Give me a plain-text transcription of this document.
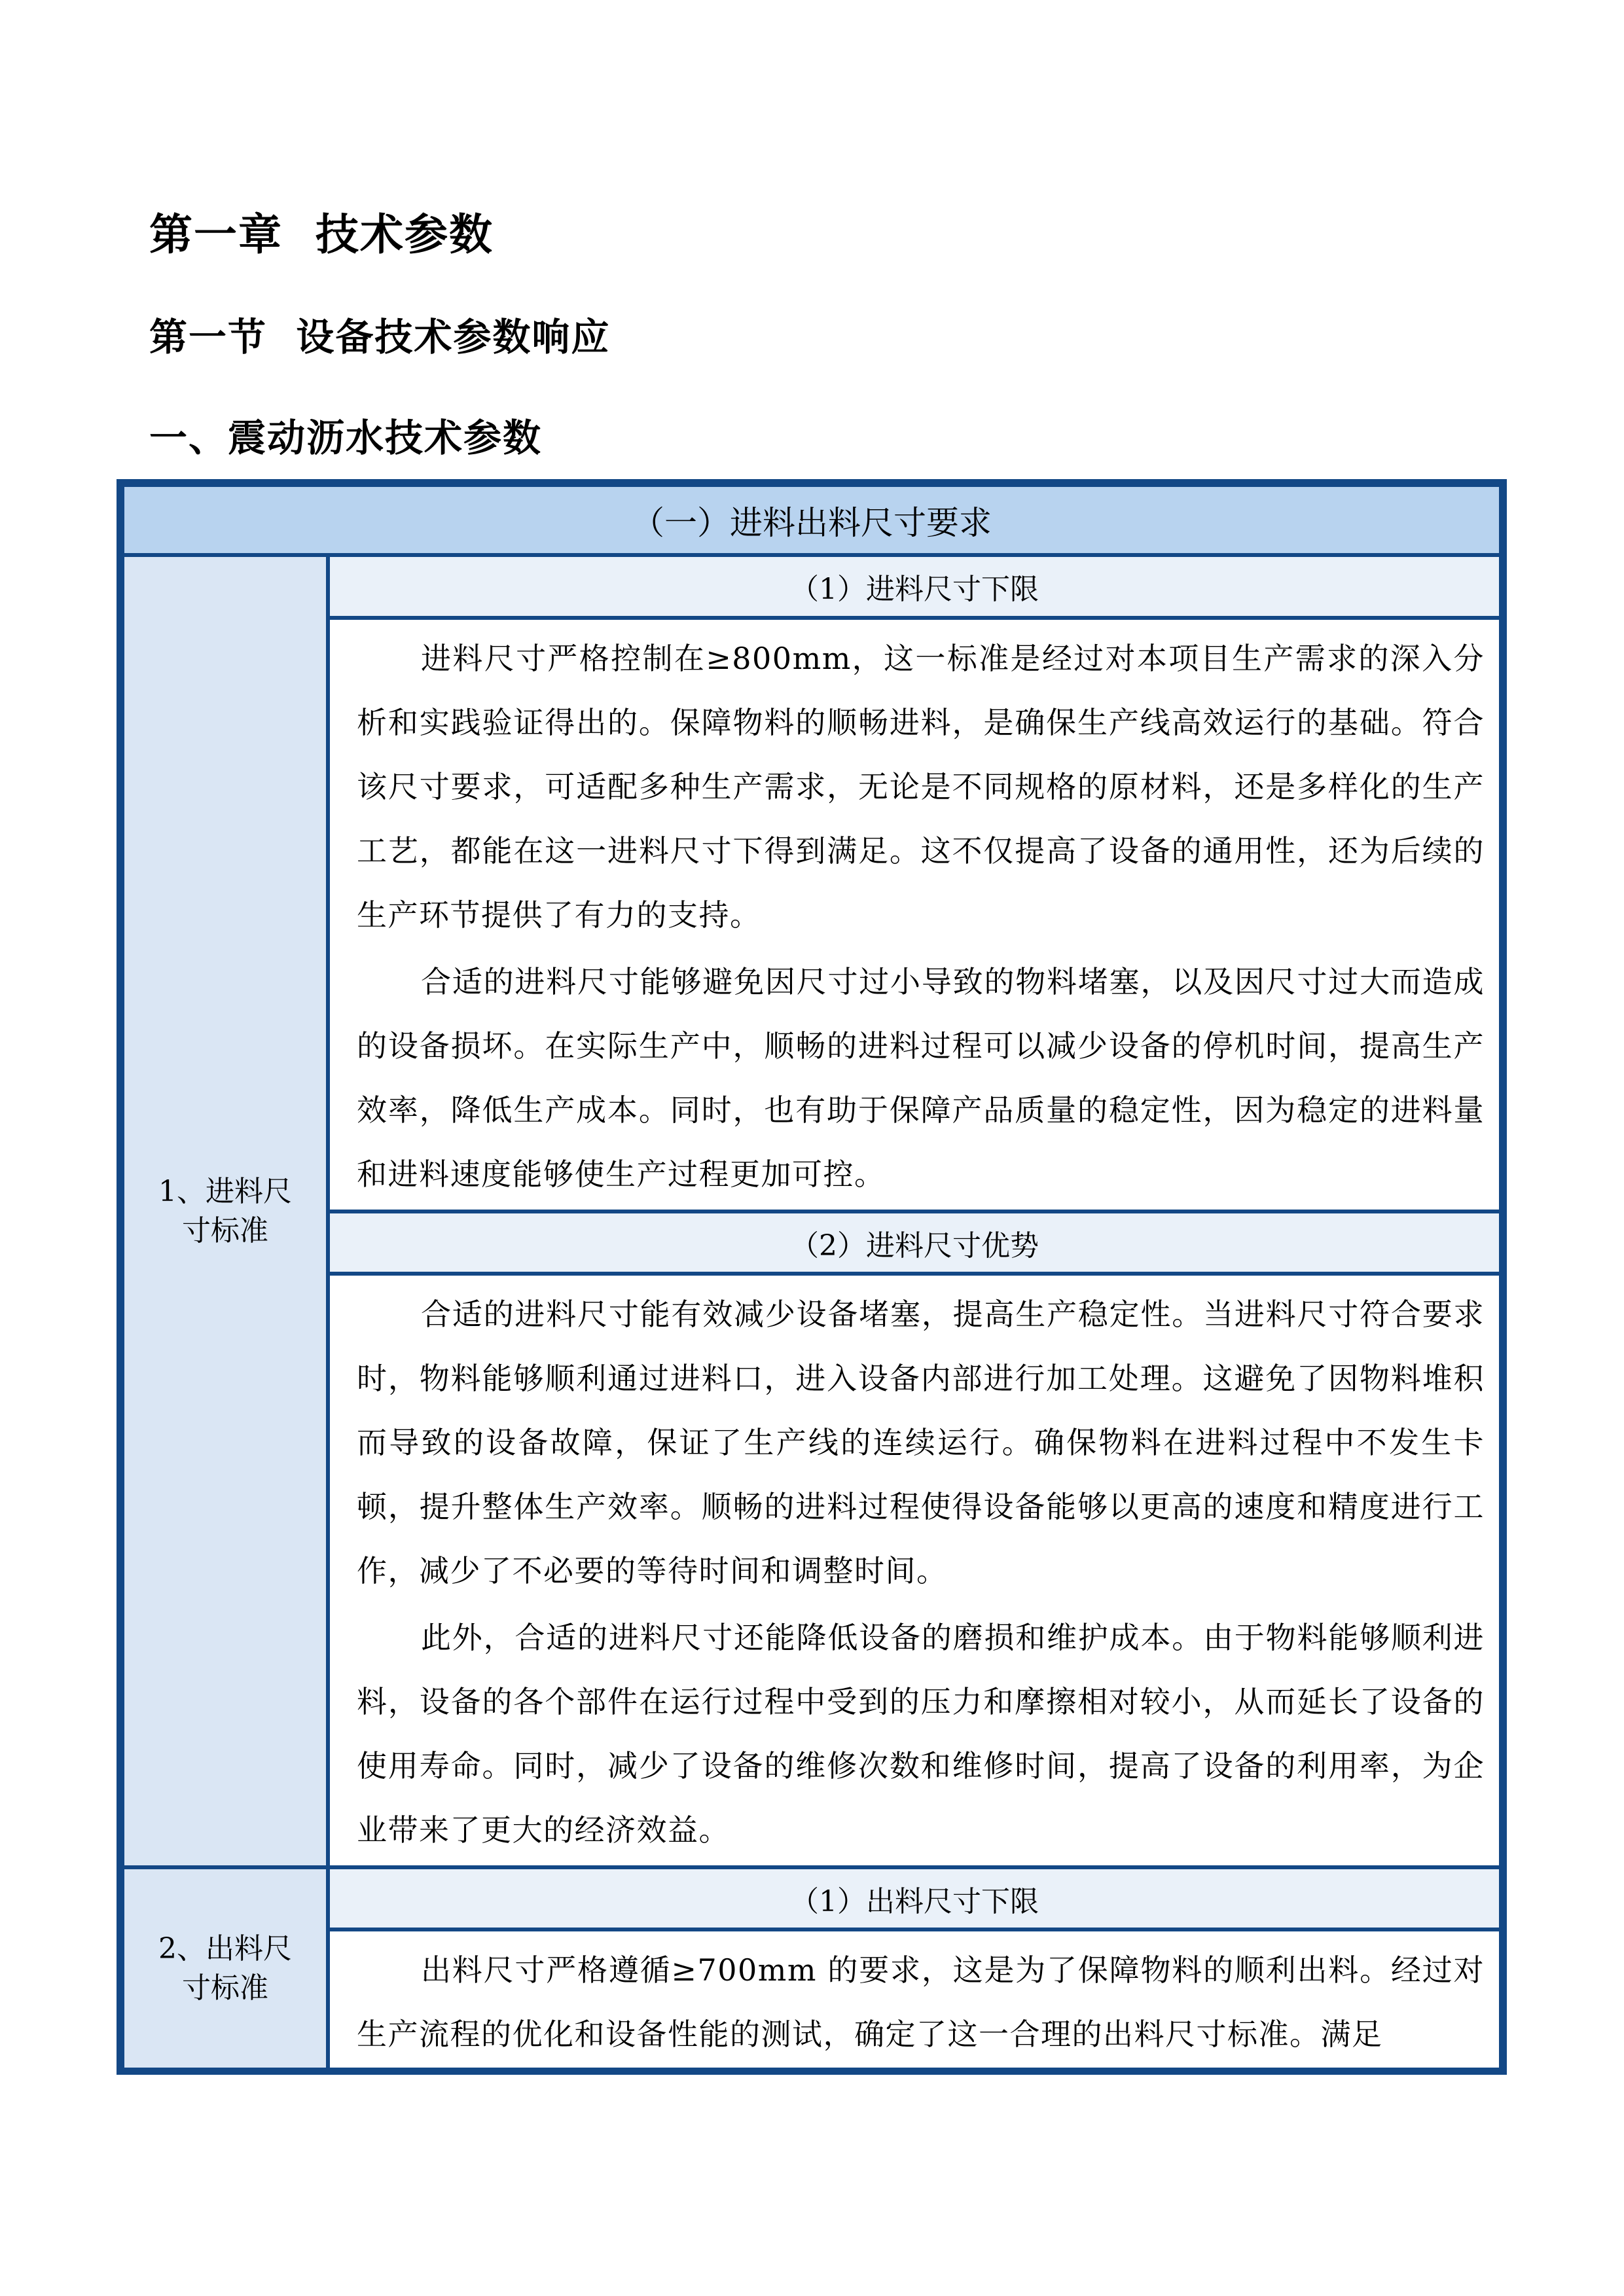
第一章  技术参数
第一节  设备技术参数响应
一、震动沥水技术参数
（一）进料出料尺寸要求
1、进料尺
寸标准
（1）进料尺寸下限

进料尺寸严格控制在≥800mm，这一标准是经过对本项目生产需求的深入分析和实践验证得出的。保障物料的顺畅进料，是确保生产线高效运行的基础。符合该尺寸要求，可适配多种生产需求，无论是不同规格的原材料，还是多样化的生产工艺，都能在这一进料尺寸下得到满足。这不仅提高了设备的通用性，还为后续的生产环节提供了有力的支持。

合适的进料尺寸能够避免因尺寸过小导致的物料堵塞，以及因尺寸过大而造成的设备损坏。在实际生产中，顺畅的进料过程可以减少设备的停机时间，提高生产效率，降低生产成本。同时，也有助于保障产品质量的稳定性，因为稳定的进料量和进料速度能够使生产过程更加可控。

（2）进料尺寸优势

合适的进料尺寸能有效减少设备堵塞，提高生产稳定性。当进料尺寸符合要求时，物料能够顺利通过进料口，进入设备内部进行加工处理。这避免了因物料堆积而导致的设备故障，保证了生产线的连续运行。确保物料在进料过程中不发生卡顿，提升整体生产效率。顺畅的进料过程使得设备能够以更高的速度和精度进行工作，减少了不必要的等待时间和调整时间。

此外，合适的进料尺寸还能降低设备的磨损和维护成本。由于物料能够顺利进料，设备的各个部件在运行过程中受到的压力和摩擦相对较小，从而延长了设备的使用寿命。同时，减少了设备的维修次数和维修时间，提高了设备的利用率，为企业带来了更大的经济效益。

2、出料尺
寸标准
（1）出料尺寸下限

出料尺寸严格遵循≥700mm 的要求，这是为了保障物料的顺利出料。经过对生产流程的优化和设备性能的测试，确定了这一合理的出料尺寸标准。满足
